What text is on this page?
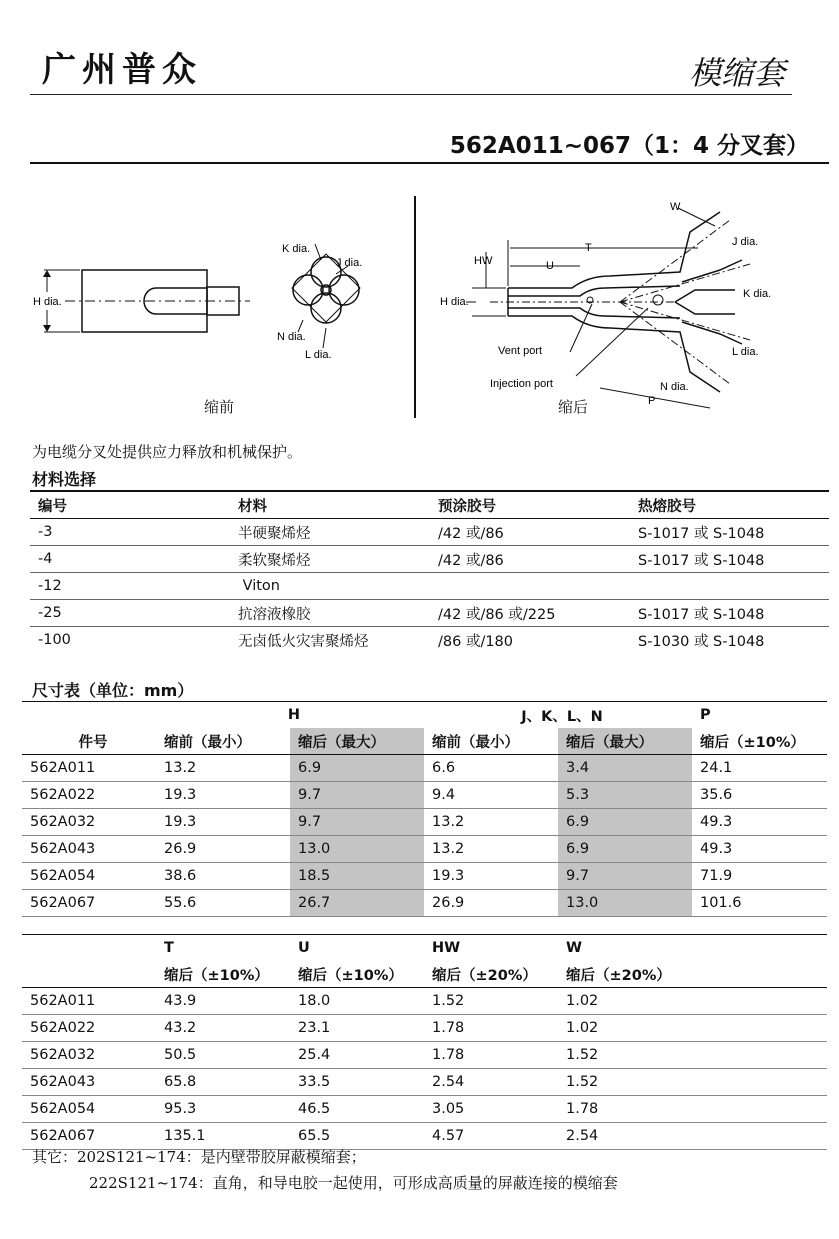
广州普众	模缩套
562A011~067（1：4 分叉套）
H dia.
K dia.
J dia.
N dia.
L dia.
缩前
HW	U
T
W
H dia.
J dia.
K dia.
L dia.
N dia.
P
Vent port
Injection port
缩后
为电缆分叉处提供应力释放和机械保护。
材料选择
编号	材料	预涂胶号	热熔胶号
-3	半硬聚烯烃	/42 或/86	S-1017 或 S-1048
-4	柔软聚烯烃	/42 或/86	S-1017 或 S-1048
-12	Viton		
-25	抗溶液橡胶	/42 或/86 或/225	S-1017 或 S-1048
-100	无卤低火灾害聚烯烃	/86 或/180	S-1030 或 S-1048
尺寸表（单位：mm）
	H		J、K、L、N		P
件号	缩前（最小）	缩后（最大）	缩前（最小）	缩后（最大）	缩后（±10%）
562A011	13.2	6.9	6.6	3.4	24.1
562A022	19.3	9.7	9.4	5.3	35.6
562A032	19.3	9.7	13.2	6.9	49.3
562A043	26.9	13.0	13.2	6.9	49.3
562A054	38.6	18.5	19.3	9.7	71.9
562A067	55.6	26.7	26.9	13.0	101.6
	T	U	HW	W	
	缩后（±10%）	缩后（±10%）	缩后（±20%）	缩后（±20%）	
562A011	43.9	18.0	1.52	1.02	
562A022	43.2	23.1	1.78	1.02	
562A032	50.5	25.4	1.78	1.52	
562A043	65.8	33.5	2.54	1.52	
562A054	95.3	46.5	3.05	1.78	
562A067	135.1	65.5	4.57	2.54	
其它：202S121~174：是内壁带胶屏蔽模缩套；
222S121~174：直角，和导电胶一起使用，可形成高质量的屏蔽连接的模缩套
